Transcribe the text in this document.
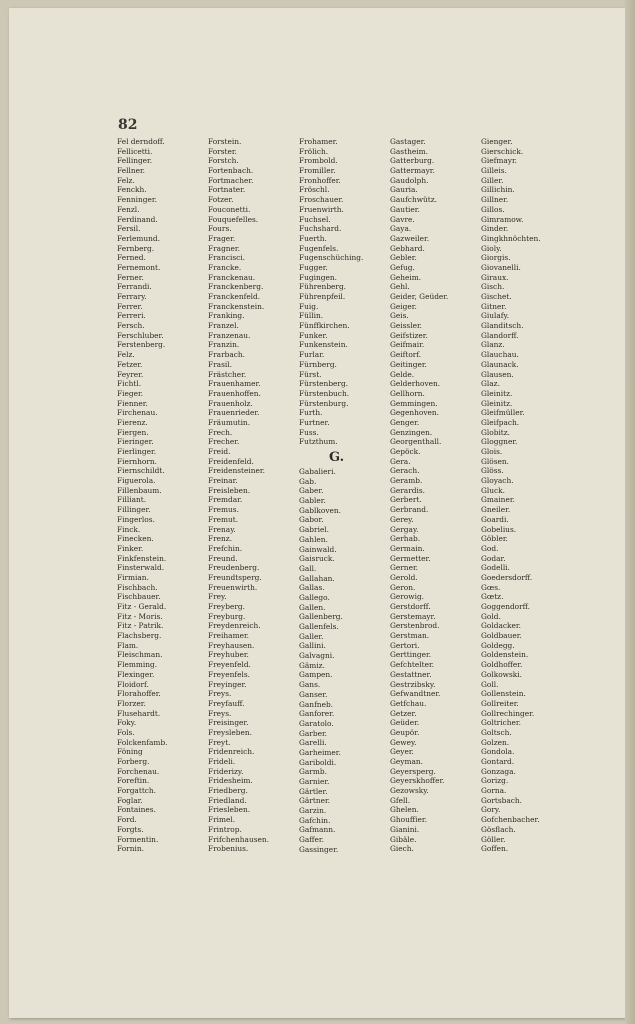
82
Fel derndoff.
Fellicetti.
Fellinger.
Fellner.
Felz.
Fenckh.
Fenninger.
Fenzl.
Ferdinand.
Fersil.
Ferlemund.
Fernberg.
Ferned.
Fernemont.
Ferner.
Ferrandi.
Ferrary.
Ferrer.
Ferreri.
Fersch.
Ferschluber.
Ferstenberg.
Felz.
Fetzer.
Feyrer.
Fichtl.
Fieger.
Fienner.
Firchenau.
Fierenz.
Fiergen.
Fieringer.
Fierlinger.
Fiernhorn.
Fiernschildt.
Figuerola.
Fillenbaum.
Filliant.
Fillinger.
Fingerlos.
Finck.
Finecken.
Finker.
Finkfenstein.
Finsterwald.
Firmian.
Fischbach.
Fischbauer.
Fitz - Gerald.
Fitz - Moris.
Fitz - Patrik.
Flachsberg.
Flam.
Fleischman.
Flemming.
Flexinger.
Floidorf.
Florahoffer.
Florzer.
Flusehardt.
Foky.
Fols.
Folckenfamb.
Föning
Forberg.
Forchenau.
Foreftin.
Forgattch.
Foglar.
Fontaines.
Ford.
Forgts.
Formentin.
Fornin.
Forstein.
Forster.
Forstch.
Fortenbach.
Fortmacher.
Fortnater.
Fotzer.
Fouconetti.
Fouquefelles.
Fours.
Frager.
Fragner.
Francisci.
Francke.
Franckenau.
Franckenberg.
Franckenfeld.
Franckenstein.
Franking.
Franzel.
Franzenau.
Franzin.
Frarbach.
Frasil.
Frästcher.
Frauenhamer.
Frauenhoffen.
Frauenholz.
Frauenrieder.
Fräumutin.
Frech.
Frecher.
Freid.
Freidenfeld.
Freidensteiner.
Freinar.
Freisleben.
Fremdar.
Fremus.
Fremut.
Frenay.
Frenz.
Frefchin.
Freund.
Freudenberg.
Freundtsperg.
Freuenwirth.
Frey.
Freyberg.
Freyburg.
Freydenreich.
Freihamer.
Freyhausen.
Freyhuber.
Freyenfeld.
Freyenfels.
Freyinger.
Freys.
Freyfauff.
Freys.
Freisinger.
Freysleben.
Freyt.
Fridenreich.
Frideli.
Friderizy.
Fridesheim.
Friedberg.
Friedland.
Friesleben.
Frimel.
Frintrop.
Frifchenhausen.
Frobenius.
Frohamer.
Frölich.
Frombold.
Fromiller.
Fronhoffer.
Fröschl.
Froschauer.
Fruenwirth.
Fuchsel.
Fuchshard.
Fuerth.
Fugenfels.
Fugenschüching.
Fugger.
Fugingen.
Führenberg.
Führenpfeil.
Fuig.
Füllin.
Fünffkirchen.
Funker.
Funkenstein.
Furlar.
Fürnberg.
Fürst.
Fürstenberg.
Fürstenbuch.
Fürstenburg.
Furth.
Furtner.
Fuss.
Futzthum.
G.
Gabalieri.
Gab.
Gaber.
Gabler.
Gablkoven.
Gabor.
Gabriel.
Gahlen.
Gainwald.
Gaisruck.
Gall.
Gallahan.
Gallas.
Gallego.
Gallen.
Gallenberg.
Gallenfels.
Galler.
Gallini.
Galvagni.
Gämiz.
Gampen.
Gans.
Ganser.
Ganfneb.
Ganforer.
Garatolo.
Garber.
Garelli.
Garheimer.
Gariboldi.
Garmb.
Garnier.
Gärtler.
Gärtner.
Garzin.
Gafchin.
Gafmann.
Gaffer.
Gassinger.
Gastager.
Gastheim.
Gatterburg.
Gattermayr.
Gaudolph.
Gauria.
Gaufchwütz.
Gautier.
Gavre.
Gaya.
Gazweiler.
Gebhard.
Gebler.
Gefug.
Geheim.
Gehl.
Geider, Geüder.
Geiger.
Geis.
Geissler.
Geifstizer.
Geifmair.
Geiftorf.
Geitinger.
Gelde.
Gelderhoven.
Gellhorn.
Gemmingen.
Gegenhoven.
Genger.
Genzingen.
Georgenthall.
Gepöck.
Gera.
Gerach.
Geramb.
Gerardis.
Gerbert.
Gerbrand.
Gerey.
Gergay.
Gerhab.
Germain.
Germetter.
Gerner.
Gerold.
Geron.
Gerowig.
Gerstdorff.
Gerstemayr.
Gerstenbrod.
Gerstman.
Gertori.
Gerttinger.
Gefchtelter.
Gestattner.
Gestrzibsky.
Gefwandtner.
Getfchau.
Getzer.
Geüder.
Geupör.
Gewey.
Geyer.
Geyman.
Geyersperg.
Geyerskhoffer.
Gezowsky.
Gfell.
Ghelen.
Ghouffier.
Gianini.
Gibäle.
Giech.
Gienger.
Gierschick.
Giefmayr.
Gilleis.
Giller.
Gillichin.
Gillner.
Gillos.
Gimramow.
Ginder.
Gingkhnöchten.
Gioly.
Giorgis.
Giovanelli.
Giraux.
Gisch.
Gischet.
Gitner.
Giulafy.
Glanditsch.
Glandorff.
Glanz.
Glauchau.
Glaunack.
Glausen.
Glaz.
Gleinitz.
Gleinitz.
Gleifmüller.
Gleifpach.
Globitz.
Gloggner.
Glois.
Glösen.
Glöss.
Gloyach.
Gluck.
Gmainer.
Gneiler.
Goardi.
Gobelius.
Göbler.
God.
Godar.
Godelli.
Goedersdorff.
Gœs.
Gœtz.
Goggendorff.
Gold.
Goldacker.
Goldbauer.
Goldegg.
Goldenstein.
Goldhoffer.
Golkowski.
Goll.
Gollenstein.
Gollreiter.
Gollrechinger.
Goltricher.
Goltsch.
Golzen.
Gondola.
Gontard.
Gonzaga.
Gorizg.
Gorna.
Gortsbach.
Gory.
Gofchenbacher.
Gösflach.
Göller.
Goffen.
